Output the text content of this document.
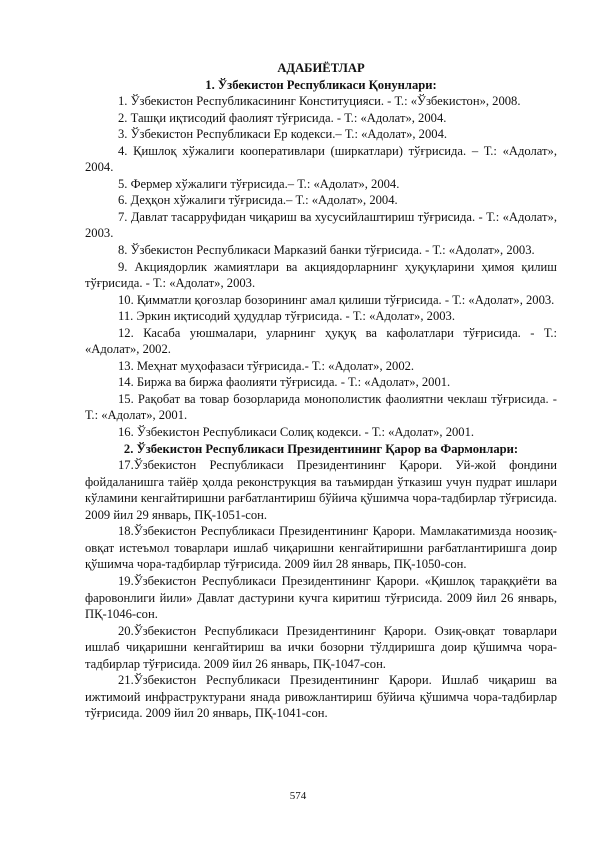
АДАБИЁТЛАР

1. Ўзбекистон Республикаси Қонунлари:

1. Ўзбекистон Республикасининг Конституцияси. - Т.: «Ўзбекистон», 2008.

2. Ташқи иқтисодий фаолият тўғрисида. - Т.: «Адолат», 2004.

3. Ўзбекистон Республикаси Ер кодекси.– Т.: «Адолат», 2004.

4. Қишлоқ хўжалиги кооперативлари (ширкатлари) тўғрисида. – Т.: «Адолат», 2004.

5. Фермер хўжалиги тўғрисида.– Т.: «Адолат», 2004.

6. Деҳқон хўжалиги тўғрисида.– Т.: «Адолат», 2004.

7. Давлат тасарруфидан чиқариш ва хусусийлаштириш тўғрисида. - Т.: «Адолат», 2003.

8. Ўзбекистон Республикаси Марказий банки тўғрисида. - Т.: «Адолат», 2003.

9. Акциядорлик жамиятлари ва акциядорларнинг ҳуқуқларини ҳимоя қилиш тўғрисида. - Т.: «Адолат», 2003.

10. Қимматли қоғозлар бозорининг амал қилиши тўғрисида. - Т.: «Адолат», 2003.

11. Эркин иқтисодий ҳудудлар тўғрисида. - Т.: «Адолат», 2003.

12. Касаба уюшмалари, уларнинг ҳуқуқ ва кафолатлари тўғрисида. - Т.: «Адолат», 2002.

13. Меҳнат муҳофазаси тўғрисида.- Т.: «Адолат», 2002.

14. Биржа ва биржа фаолияти тўғрисида. - Т.: «Адолат», 2001.

15. Рақобат ва товар бозорларида монополистик фаолиятни чеклаш тўғрисида. - Т.: «Адолат», 2001.

16. Ўзбекистон Республикаси Солиқ кодекси. - Т.: «Адолат», 2001.

2. Ўзбекистон Республикаси Президентининг Қарор ва Фармонлари:

17.Ўзбекистон Республикаси Президентининг Қарори. Уй-жой фондини фойдаланишга тайёр ҳолда реконструкция ва таъмирдан ўтказиш учун пудрат ишлари кўламини кенгайтиришни рағбатлантириш бўйича қўшимча чора-тадбирлар тўғрисида. 2009 йил 29 январь, ПҚ-1051-сон.

18.Ўзбекистон Республикаси Президентининг Қарори. Мамлакатимизда ноозиқ-овқат истеъмол товарлари ишлаб чиқаришни кенгайтиришни рағбатлантиришга доир қўшимча чора-тадбирлар тўғрисида. 2009 йил 28 январь, ПҚ-1050-сон.

19.Ўзбекистон Республикаси Президентининг Қарори. «Қишлоқ тараққиёти ва фаровонлиги йили» Давлат дастурини кучга киритиш тўғрисида. 2009 йил 26 январь, ПҚ-1046-сон.

20.Ўзбекистон Республикаси Президентининг Қарори. Озиқ-овқат товарлари ишлаб чиқаришни кенгайтириш ва ички бозорни тўлдиришга доир қўшимча чора-тадбирлар тўғрисида. 2009 йил 26 январь, ПҚ-1047-сон.

21.Ўзбекистон Республикаси Президентининг Қарори. Ишлаб чиқариш ва ижтимоий инфраструктурани янада ривожлантириш бўйича қўшимча чора-тадбирлар тўғрисида. 2009 йил 20 январь, ПҚ-1041-сон.

574
